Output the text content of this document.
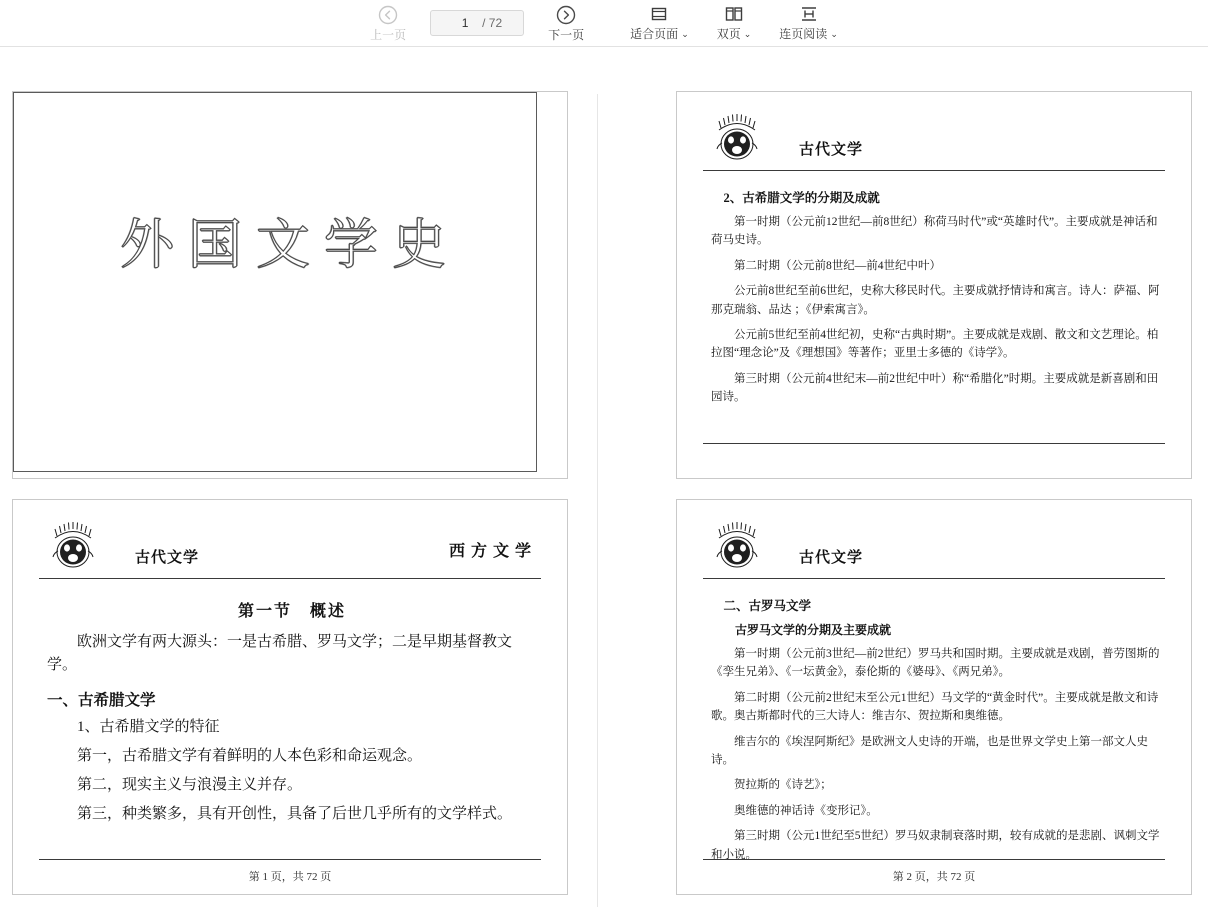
上一页
1
/ 72
下一页	适合页面 ⌄ 双页 ⌄ 连页阅读 ⌄
外国文学史
古代文学	西方文学
第一节　概述

欧洲文学有两大源头：一是古希腊、罗马文学；二是早期基督教文学。

一、古希腊文学

1、古希腊文学的特征

第一，古希腊文学有着鲜明的人本色彩和命运观念。

第二，现实主义与浪漫主义并存。

第三，种类繁多，具有开创性，具备了后世几乎所有的文学样式。

第 1 页，共 72 页
古代文学
2、古希腊文学的分期及成就

第一时期（公元前12世纪—前8世纪）称荷马时代”或“英雄时代”。主要成就是神话和荷马史诗。

第二时期（公元前8世纪—前4世纪中叶）

公元前8世纪至前6世纪，史称大移民时代。主要成就抒情诗和寓言。诗人：萨福、阿那克瑞翁、品达 ；《伊索寓言》。

公元前5世纪至前4世纪初，史称“古典时期”。主要成就是戏剧、散文和文艺理论。柏拉图“理念论”及《理想国》等著作；亚里士多德的《诗学》。

第三时期（公元前4世纪末—前2世纪中叶）称“希腊化”时期。主要成就是新喜剧和田园诗。

古代文学
二、古罗马文学
古罗马文学的分期及主要成就

第一时期（公元前3世纪—前2世纪）罗马共和国时期。主要成就是戏剧，普劳图斯的《孪生兄弟》、《一坛黄金》，泰伦斯的《婆母》、《两兄弟》。

第二时期（公元前2世纪末至公元1世纪）马文学的“黄金时代”。主要成就是散文和诗歌。奥古斯都时代的三大诗人：维吉尔、贺拉斯和奥维德。

维吉尔的《埃涅阿斯纪》是欧洲文人史诗的开端，也是世界文学史上第一部文人史诗。

贺拉斯的《诗艺》；

奥维德的神话诗《变形记》。

第三时期（公元1世纪至5世纪）罗马奴隶制衰落时期，较有成就的是悲剧、讽刺文学和小说。

第 2 页，共 72 页
